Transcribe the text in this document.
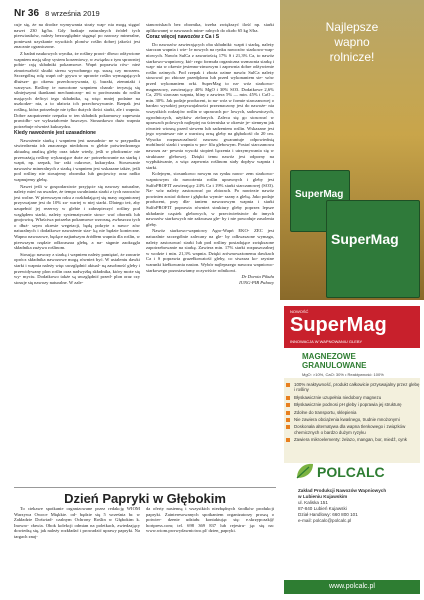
Nr 36 8 września 2019

cuje się, że na drodze wymywania straty wap- nia mogą sięgać nawet 230 kg/ha. Gdy brakuje naturalnych źródeł tych pierwiastków, należy bezwzględnie sięgnąć po nawozy mineralne, ponieważ uzyskanie wysokich plonów roślin dobrej jakości jest znacznie ograniczone.

Z badań naukowych wynika, że rośliny prawi- dłowo odżywione wapniem mają silny system korzeniowy, w związku z tym sprawniej pobie- rają składniki pokarmowe. Wapń poprawia rów- nież zimotrwałość skutki stresu wywołanego np. suszą czy mrozem. Szczególną rolę wapń od- grywa w uprawie roślin wymagających dłuższe- go okresu przechowywania, tj. buraki, ziemniaki i warzywa. Rośliny te nawożone wapniem charak- teryzują się silniejszymi tkankami mechaniczny- mi w porównaniu do roślin mających deficyt tego składnika, są więc mniej podatne na uszkodze- nia, a to ułatwia ich przechowywanie. Rzepak jest rośliną, która potrzebuje nie tylko dużych ilości siarki, ale i wapnia. Dobre zaopatrzenie rzepaku w ten składnik pokarmowy zapewnia prawidło- we wykształcenie łuszczyn. Stosunkowo dużo wapnia potrzebuje również kukurydza.

Kiedy nawożenie jest uzasadnione

Nawożenie siarką i wapniem jest uzasadnio- ne w przypadku stwierdzenia ich znacznego niedoboru w glebie potwierdzonego aktualną analizą gleby oraz także wtedy, jeśli w płodozmia- nie przeważają rośliny wykazujące duże za- potrzebowanie na siarkę i wapń, np. rzepak, bu- raki cukrowe, kukurydza. Stosowanie nawozów mineralnych z siarką i wapniem jest wskazane także, jeśli pod rośliny nie stosujemy obornika lub gnojowicy oraz radko wapnujemy glebę.

Nawet jeśli w gospodarstwie przyjęcie się nawozy naturalne, należy mieć na uwadze, że tempo uwalniania siarki z tych nawozów jest wolne. W pierwszym roku z rozkładającej się masy organicznej przyswajane jest do 10% za- wartej w niej siarki. Dlatego też, aby uzupełnić jej rezerwy w glebie i zabezpieczyć rośliny pod względem siarki, należy systematycznie stoso- wać obornik lub gnojowicę. Właściwa potrzeba pokarmowe wzrosną, zwłaszcza tych o dłuż- szym okresie wegetacji, będą pokryte z nawo- zów naturalnych i dodatkowe nawożenie siar- ką nie będzie konieczne. Wapno nawozowe, będące najtańszym źródłem wapnia dla roślin, w pierwszym rzędzie odkwaszaa glebę, a na- stępnie zaokrągla składnika zużywa roślinom.

Stosując nawozy z siarką i wapniem należy pamiętać, że zawarte oprócz składnika nawozowe mogą również być. W ustaleniu dawki siarki i wapnia należy więc uwzględnić aktual- ną zasobność gleby i przewidywany plon roślin oraz nadwyżkę składnika, który może się wy- myciu. Dodatkowo także są uwzględnić przed- plon oraz czy stosuje się nawozy naturalne. W zale-

stanowiskach bez obornika, trzeba zwiększyć ilość np. siarki aplikowanej w nawozach mine- ralnych do około 65 kg S/ha.

Coraz więcej nawozów z Ca i S

Do nawozów zawierających oba składniki: wapń i siarkę, należy siarczan wapnia i wie- le nowych na rynku nawozów siarkowo-wap- niowych. Nawóz SulCa z zawartością 17% S i 21,3% Ca, to nawóz siarkowo-wapniowy, któ- rego formuła organiczna wzmacnia siarkę i wap- nia w okresie jesienno-zimowym i zapewnia dobre odżywienie roślin ozimych. Pod rzepak i zboża ozime nawóz SulCa należy stosować po zbiorze przedplonu lub przed wykonaniem sie- wów przed wykonaniem orki. SuperMag to na- wóz siarkowo-magnezowy, zawierający 40% MgO i 30% SO3. Dodatkowe 2,6% Ca, 25% siarczan wapnia, bliny z zawiera 5% — min. 45% i CaO – min. 30%. Jak podaje producent, to na- wóz w formie siarczanowej o bardzo wysokiej przyswajalności przeznaczony jest do nawoże- nia wszystkich rodzajów roślin w uprawach po- lowych, sadowniczych, ogrodniczych, użytków zielonych. Zaleca się go stosować w uprawach polowych najlepiej na ścierniska w okresie je- siennym jak również wiosną przed siewem lub sadzeniem roślin. Wskazane jest jego wymiesza- nie z warstwą orną gleby na głębokość do 20 cm. Wysoka rozpuszczalność nawozu gwarantuje odpowiednią mobilność siarki i wapnia w pro- filu glebowym. Postać siarczanowa nawozu za- pewnia wysoki stopień łączenia i utrzymywania się w strukturze glebowej. Dzięki temu nawóz jest odporny na wypłukiwanie, a więc zapewnia roślinom stały dopływ wapnia i siarki.

Kolejnym, stosunkowo nowym na rynku nawo- zem siarkowo-wapniowym do nawożenia roślin uprawnych i gleby jest SulfoPROFIT zawierający 24% Ca i 19% siarki siarczanowej (SO3). Na- wóz należy zastosować po zbiorach. Po nawiezie nawóz powinien zostać dobrze i głęboko wymie- szany z glebą. Jako podaje producent, przy dła- taniem nawozowym wapnia i siarki SulfoPROFIT poprawia również struktury gleby poprzez lepsze układanie cząstek glebowych, w przeciwieństwie do innych nawozów siarkowych nie zakwasza gle- by i nie powoduje zasolenia gleby.

Nawóz siarkowo-wapniowy Agro-Wapń EKO- ZEC jest naturalnie szczególnie zalecany na gle- by odkwaszone wymaga, należy zastosować siarki lub pod rośliny posiadające zwiększone zapotrzebowanie na siarkę. Zawiera min. 17% siarki rozpuszczalnej w wodzie i min. 21,3% wapnia. Dzięki zrównoważonemu dawkach Ca i S poprawia gruzełkowatość gleby, co stwarza ko- rzystne warunki kiełkowania nasion. Wybór najlepszego nawozu wapniowo-siarkowego pozostawiamy oczywiście rolnikowi.

Dr Dorota Pikuła
IUNG-PIB Puławy
Dzień Papryki w Głębokim

To ciekawe spotkanie organizowane przez redakcję WIOM Warzywa Owoce Miękkie. od- będzie się 5 września br. w Zakładzie Doświad- czalnym Ochrony Roślin w Głębokim k. Inowro- cławia. Obok kolekcji odmian na poletkach, zwiedzający dowiedzą się, jak należy rozkładać i prowadzić uprawy papryki. Na targach znaj-

da oferty nasienną i wszystkich niezbędnych środków produkcji papryki. Zainteresowanych spotkaniem organizatorzy proszą o potwier- dzenie udziału kontaktując się: e.skrzypczak@ hortpress.com; tel. 698 369 837 lub rejestru- jąc się na: www.wiom.pwrwydawnictwo.pl/ dzien_papryki.

Najlepsze
wapno
rolnicze!
SuperMag
SuperMag
NOWOŚĆ
SuperMag
INNOWACJA W WAPNOWANIU GLEBY
MAGNEZOWE
GRANULOWANE
MgO: >10%, CaO: 30% • Reaktywność: 100%
100% reaktywność, produkt całkowicie przyswajalny przez glebę i rośliny
Błyskawicznie uzupełnia niedobory magnezu
Błyskawicznie podnosi pH gleby i poprawia jej strukturę
Zdolne do transportu, sklepienia
Nie zawiera obciążenia kwaśnego, trudnie mnożonymi
Doskonała alternatywa dla wapna tlenkowego i związków chemicznych o bardzo dużym ryzyku
Zawiera mikroelementy: żelazo, mangan, bor, miedź, cynk
POLCALC
Zakład Produkcji Nawozów Wapniowych
w Lubieniu Kujawskim
ul. Kaliska 151
87-840 Lubień Kujawski
Dział Handlowy: 660 800 101
e-mail: polcalc@polcalc.pl
www.polcalc.pl
